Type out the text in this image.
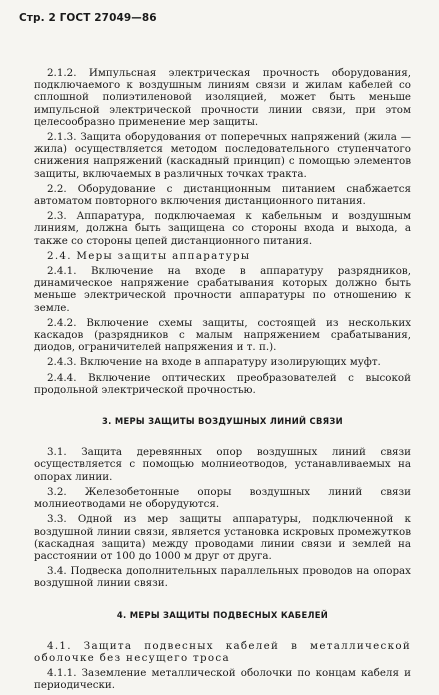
Стр. 2 ГОСТ 27049—86

2.1.2. Импульсная электрическая прочность оборудования, подключаемого к воздушным линиям связи и жилам кабелей со сплошной полиэтиленовой изоляцией, может быть меньше импульсной электрической прочности линии связи, при этом целесообразно применение мер защиты.

2.1.3. Защита оборудования от поперечных напряжений (жила — жила) осуществляется методом последовательного ступенчатого снижения напряжений (каскадный принцип) с помощью элементов защиты, включаемых в различных точках тракта.

2.2. Оборудование с дистанционным питанием снабжается автоматом повторного включения дистанционного питания.

2.3. Аппаратура, подключаемая к кабельным и воздушным линиям, должна быть защищена со стороны входа и выхода, а также со стороны цепей дистанционного питания.

2.4. Меры защиты аппаратуры

2.4.1. Включение на входе в аппаратуру разрядников, динамическое напряжение срабатывания которых должно быть меньше электрической прочности аппаратуры по отношению к земле.

2.4.2. Включение схемы защиты, состоящей из нескольких каскадов (разрядников с малым напряжением срабатывания, диодов, ограничителей напряжения и т. п.).

2.4.3. Включение на входе в аппаратуру изолирующих муфт.

2.4.4. Включение оптических преобразователей с высокой продольной электрической прочностью.

3. МЕРЫ ЗАЩИТЫ ВОЗДУШНЫХ ЛИНИЙ СВЯЗИ

3.1. Защита деревянных опор воздушных линий связи осуществляется с помощью молниеотводов, устанавливаемых на опорах линии.

3.2. Железобетонные опоры воздушных линий связи молниеотводами не оборудуются.

3.3. Одной из мер защиты аппаратуры, подключенной к воздушной линии связи, является установка искровых промежутков (каскадная защита) между проводами линии связи и землей на расстоянии от 100 до 1000 м друг от друга.

3.4. Подвеска дополнительных параллельных проводов на опорах воздушной линии связи.

4. МЕРЫ ЗАЩИТЫ ПОДВЕСНЫХ КАБЕЛЕЙ

4.1. Защита подвесных кабелей в металлической оболочке без несущего троса

4.1.1. Заземление металлической оболочки по концам кабеля и периодически.
